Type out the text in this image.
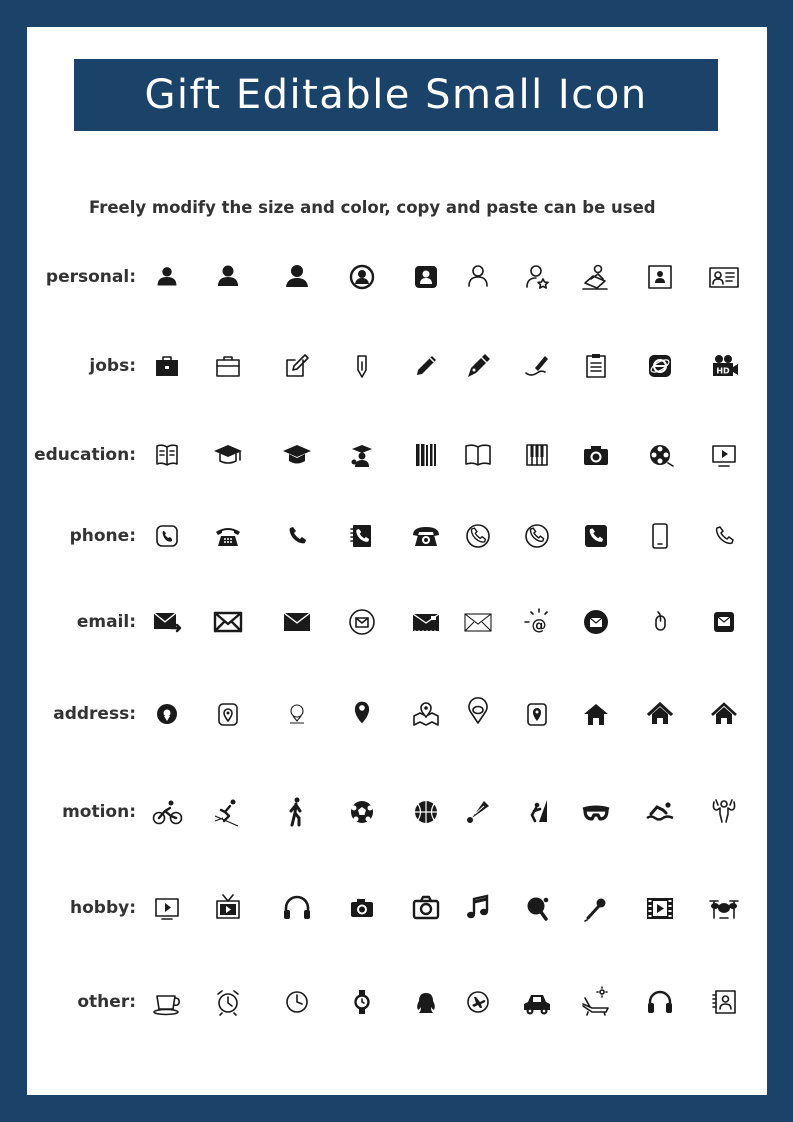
Gift Editable Small Icon
Freely modify the size and color, copy and paste can be used
personal:
jobs:	HD
education:
phone:
email:	@
address:
motion:
hobby:
other:
